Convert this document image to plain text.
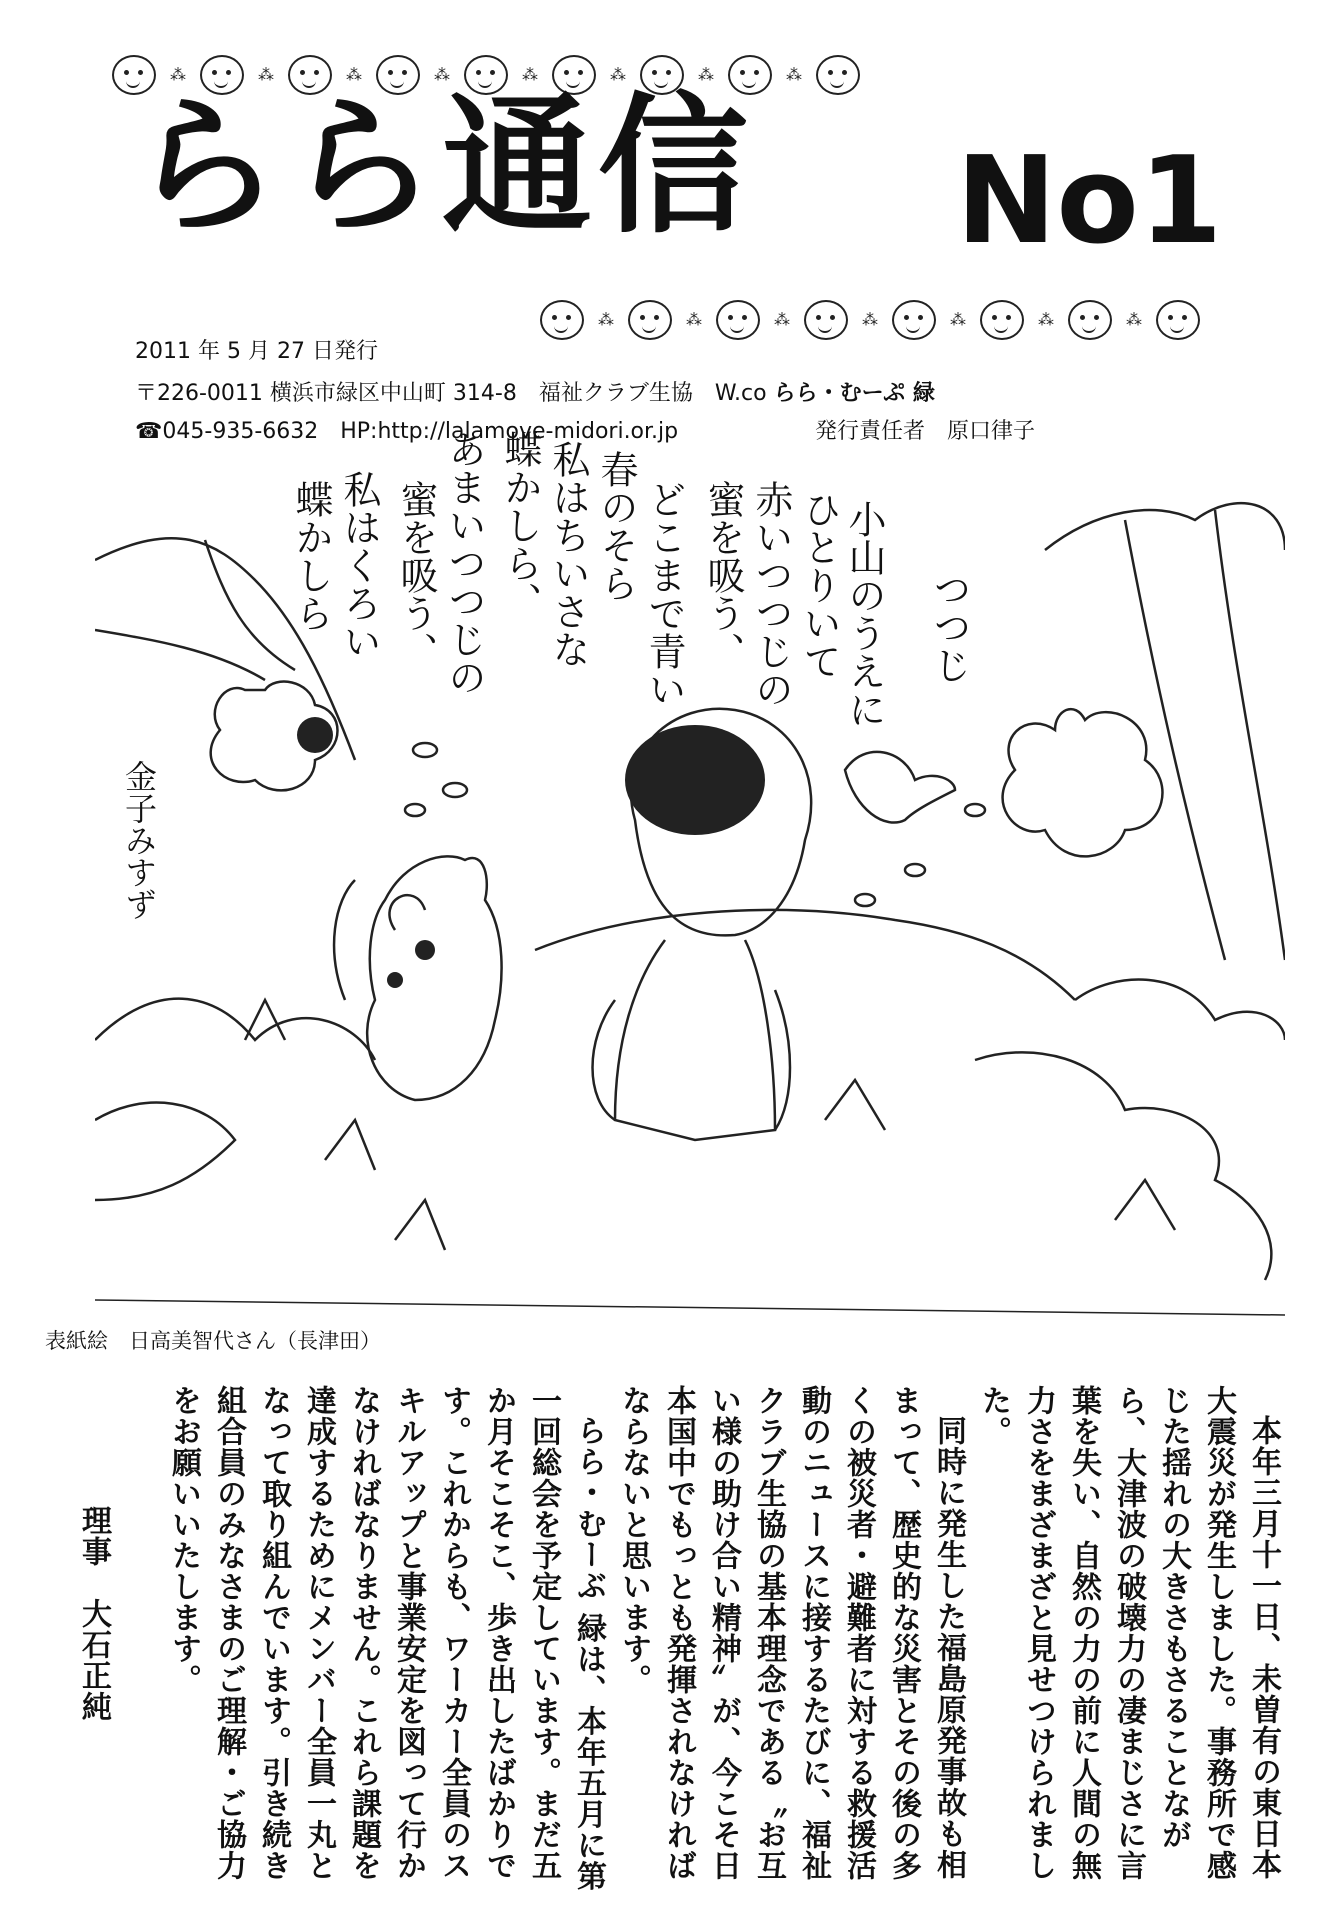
⁂	⁂	⁂	⁂	⁂	⁂	⁂	⁂
らら通信 No1
⁂	⁂	⁂	⁂	⁂	⁂	⁂
2011 年 5 月 27 日発行
〒226-0011 横浜市緑区中山町 314-8　福祉クラブ生協　W.co らら・むーぷ 緑
☎045-935-6632　HP:http://lalamove-midori.or.jp	発行責任者　原口律子
つつじ
小山のうえに
ひとりいて
赤いつつじの
蜜を吸う、
どこまで青い
春のそら
私はちいさな
蝶かしら、
あまいつつじの
蜜を吸う、
私はくろい
蝶かしら
金子みすず
表紙絵　日高美智代さん（長津田）

本年三月十一日、未曽有の東日本大震災が発生しました。事務所で感じた揺れの大きさもさることながら、大津波の破壊力の凄まじさに言葉を失い、自然の力の前に人間の無力さをまざまざと見せつけられました。

同時に発生した福島原発事故も相まって、歴史的な災害とその後の多くの被災者・避難者に対する救援活動のニュースに接するたびに、福祉クラブ生協の基本理念である〝お互い様の助け合い精神〟が、今こそ日本国中でもっとも発揮されなければならないと思います。

らら・むーぶ 緑は、本年五月に第一回総会を予定しています。まだ五か月そこそこ、歩き出したばかりです。これからも、ワーカー全員のスキルアップと事業安定を図って行かなければなりません。これら課題を達成するためにメンバー全員一丸となって取り組んでいます。引き続き組合員のみなさまのご理解・ご協力をお願いいたします。

理事　大石正純
